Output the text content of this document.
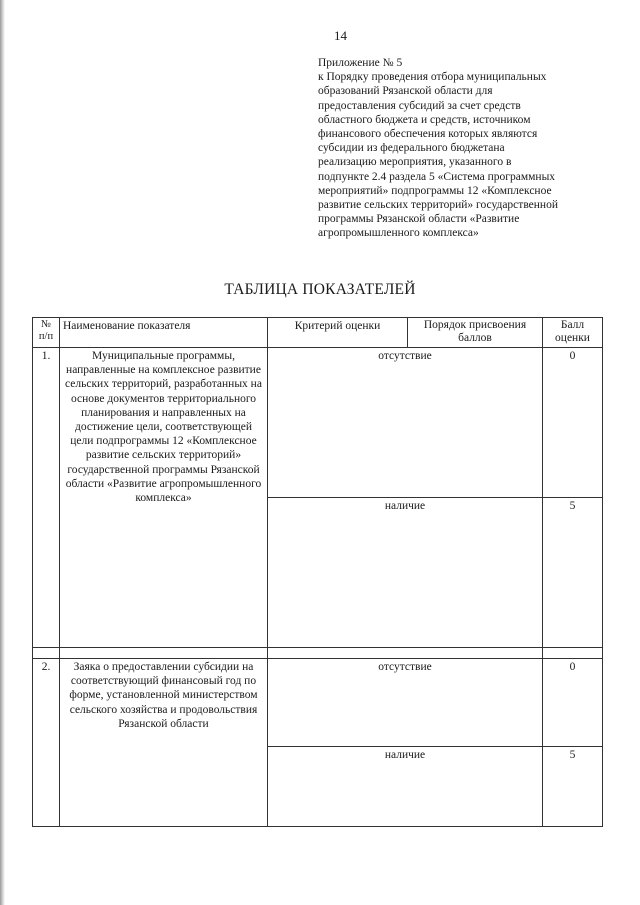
14
Приложение № 5
к Порядку проведения отбора муниципальных
образований Рязанской области для
предоставления субсидий за счет средств
областного бюджета и средств, источником
финансового обеспечения которых являются
субсидии из федерального бюджетана
реализацию мероприятия, указанного в
подпункте 2.4 раздела 5 «Система программных
мероприятий» подпрограммы 12 «Комплексное
развитие сельских территорий» государственной
программы Рязанской области «Развитие
агропромышленного комплекса»
ТАБЛИЦА ПОКАЗАТЕЛЕЙ
№ п/п	Наименование показателя	Критерий оценки	Порядок присвоения баллов	Балл оценки
1.	Муниципальные программы, направленные на комплексное развитие сельских территорий, разработанных на основе документов территориального планирования и направленных на достижение цели, соответствующей цели подпрограммы 12 «Комплексное развитие сельских территорий» государственной программы Рязанской области «Развитие агропромышленного комплекса»	отсутствие		0
		наличие		5

2.	Заяка о предоставлении субсидии на соответствующий финансовый год по форме, установленной министерством сельского хозяйства и продовольствия Рязанской области	отсутствие		0
		наличие		5
